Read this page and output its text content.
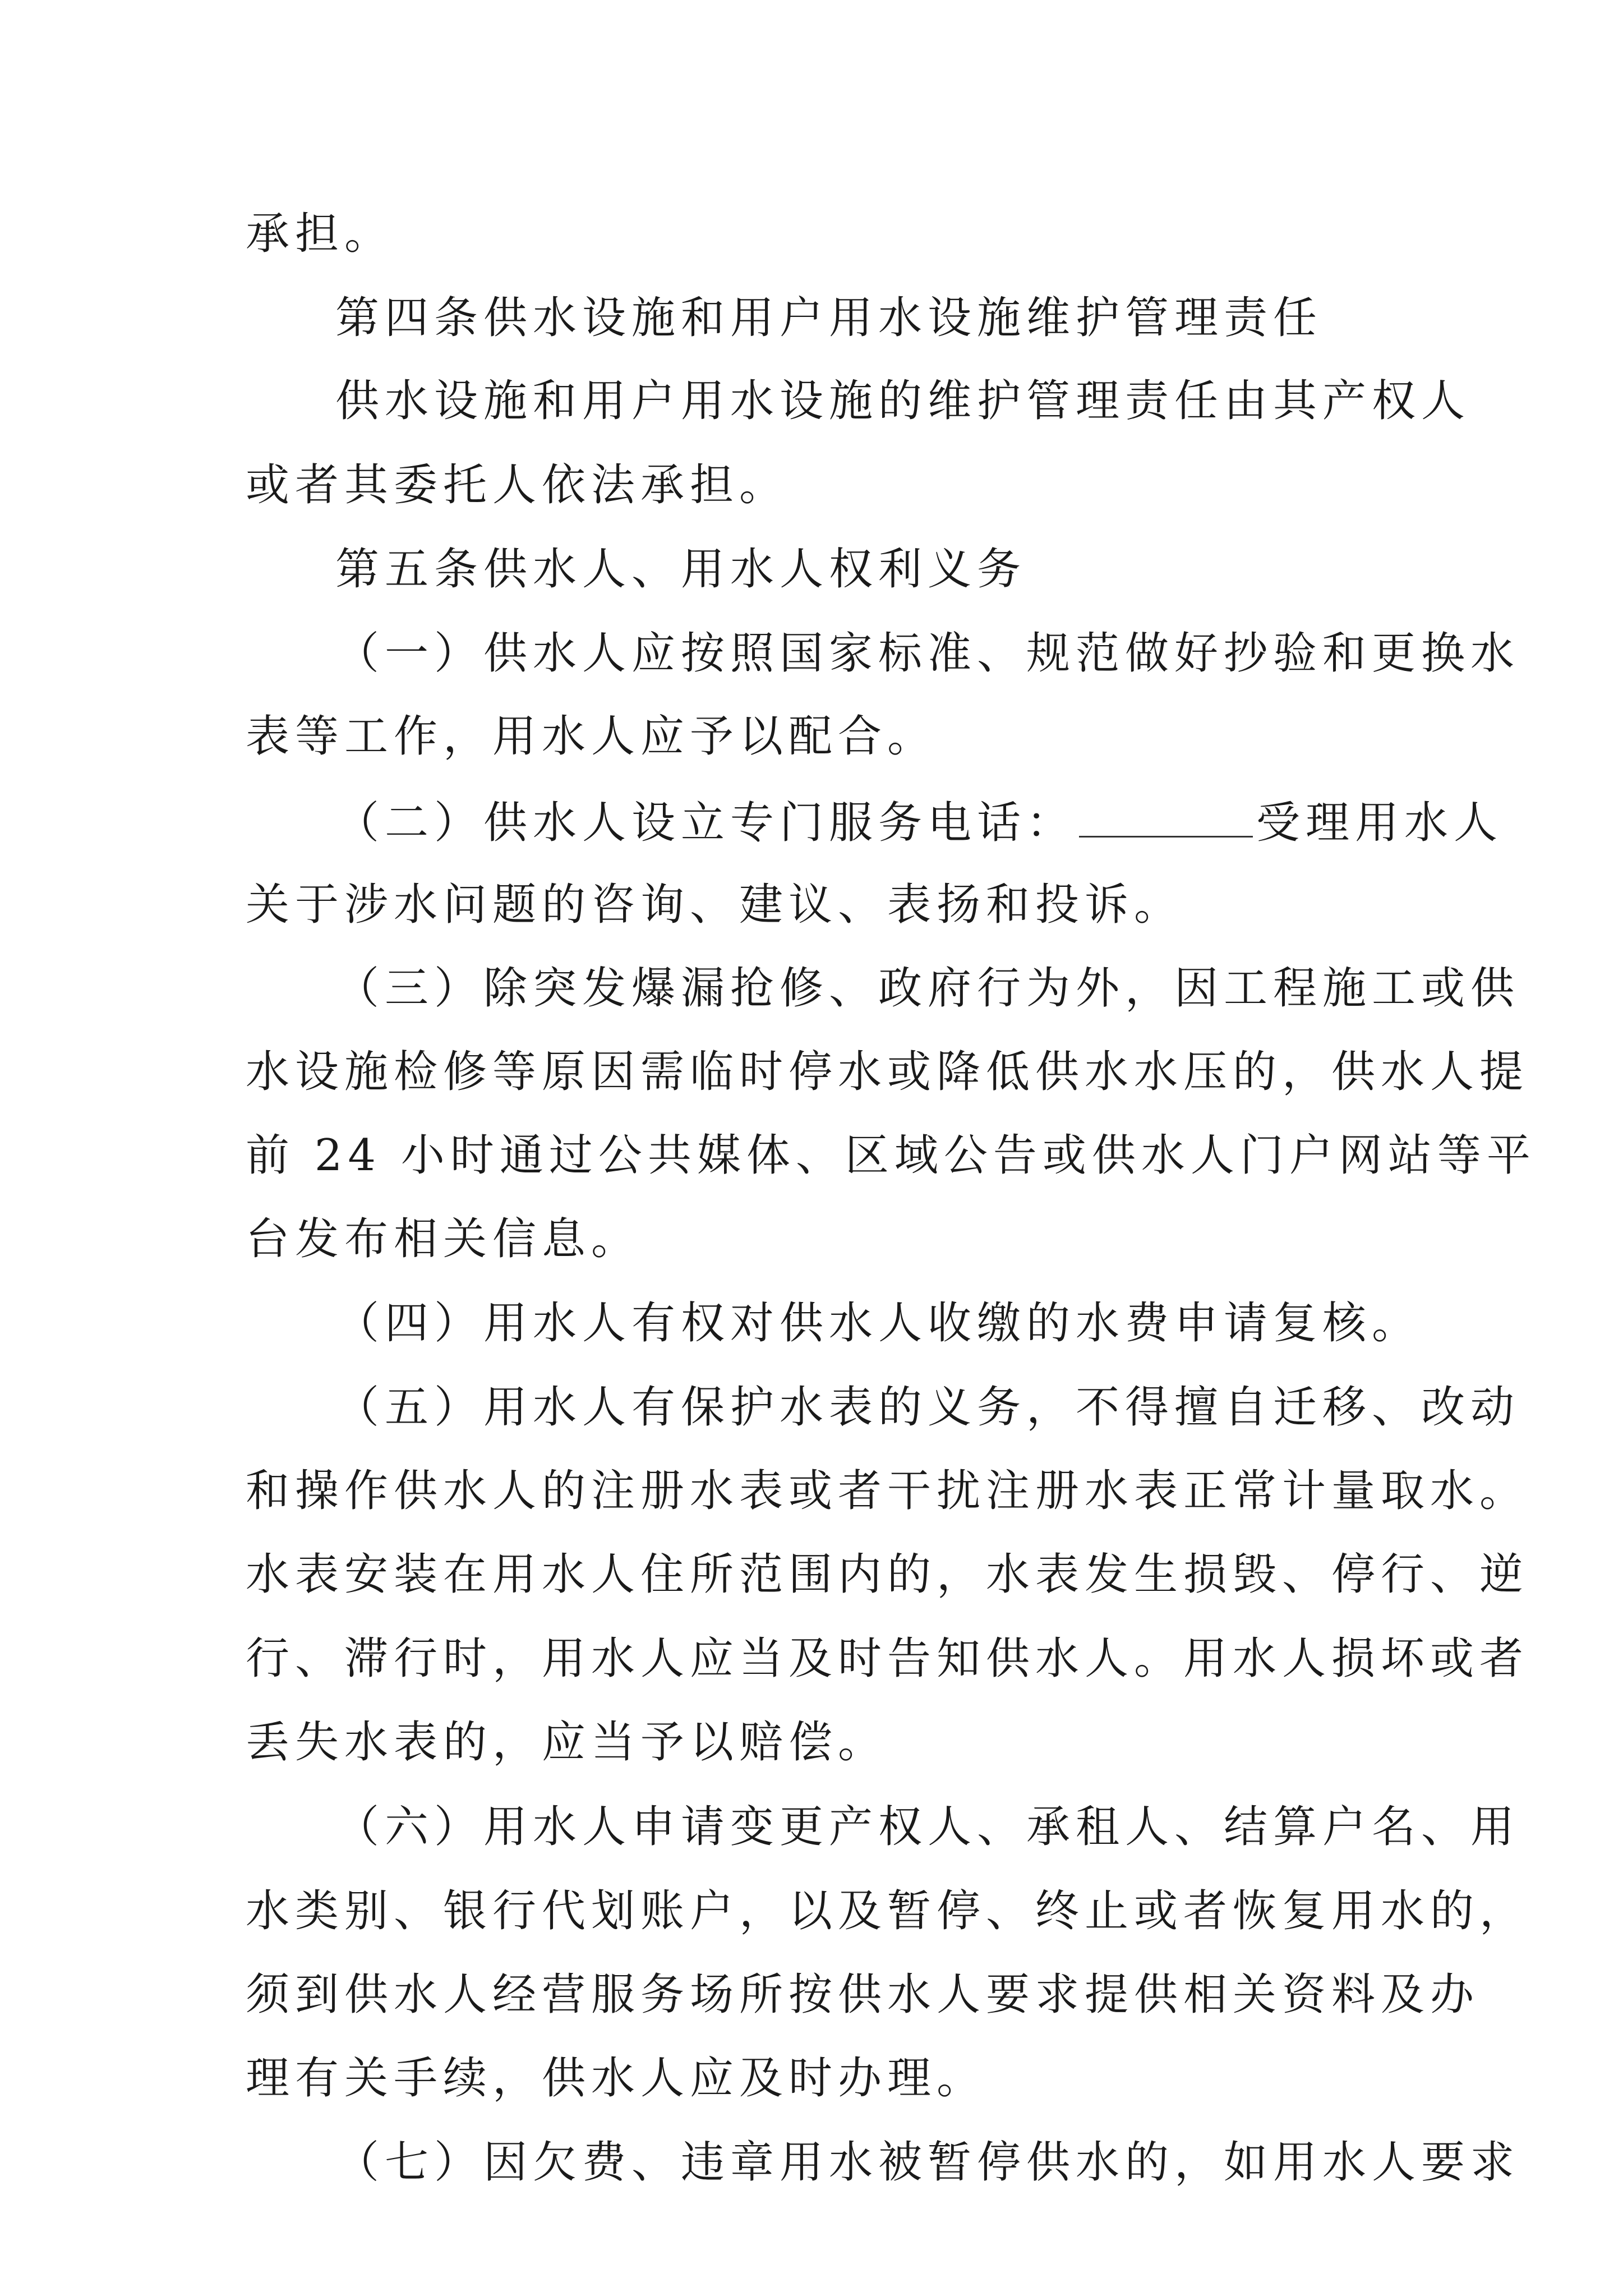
承担。
第四条供水设施和用户用水设施维护管理责任
供水设施和用户用水设施的维护管理责任由其产权人
或者其委托人依法承担。
第五条供水人、用水人权利义务
（一）供水人应按照国家标准、规范做好抄验和更换水
表等工作，用水人应予以配合。
（二）供水人设立专门服务电话：	受理用水人
关于涉水问题的咨询、建议、表扬和投诉。
（三）除突发爆漏抢修、政府行为外，因工程施工或供
水设施检修等原因需临时停水或降低供水水压的，供水人提
前 24 小时通过公共媒体、区域公告或供水人门户网站等平
台发布相关信息。
（四）用水人有权对供水人收缴的水费申请复核。
（五）用水人有保护水表的义务，不得擅自迁移、改动
和操作供水人的注册水表或者干扰注册水表正常计量取水。
水表安装在用水人住所范围内的，水表发生损毁、停行、逆
行、滞行时，用水人应当及时告知供水人。用水人损坏或者
丢失水表的，应当予以赔偿。
（六）用水人申请变更产权人、承租人、结算户名、用
水类别、银行代划账户，以及暂停、终止或者恢复用水的，
须到供水人经营服务场所按供水人要求提供相关资料及办
理有关手续，供水人应及时办理。
（七）因欠费、违章用水被暂停供水的，如用水人要求
